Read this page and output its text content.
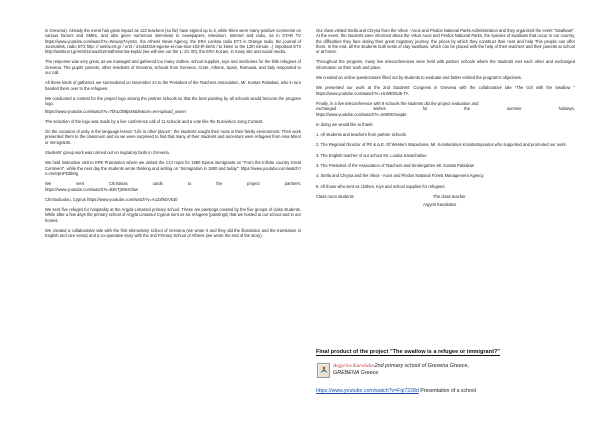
in Grevena). Already the event has great impact as 122 teachers (so far) have signed up to it, while there were many positive comments on various factors and SMEs, and also given numerous interviews to newspapers, television, Internet and radio, as in STAR TV https://www.youtube.com/watch?v=Wooep7Ayn8A, the Athens News Agency, the ERA Larissa radio ET3 in Orange radio, the journal of Journalists, radio ET3 http: // webtv.ert.gr / ert3 / 24okt2016-ega-ke-ei-mai-ston-102-th-tiert3 / to listen to the 12th minute ..) important ET3 http://webtv.ert.gr/ert3/11nea2016-kathimerina-kepla/ (we will see our the 1: 23: 00), the ERA Kozani, in many site and social media.

The response was very great, as we managed and gathered too many clothes, school supplies, toys and medicines for the little refugees of Grevena. The pupils' parents, other residents of Grevena, schools from Grevena, Crete, Athens, Spain, Romania, and Italy responded to our call.

All these kinds of gathered, we surrendered on November 24 to the President of the Teachers Association, Mr. Kostas Palaskas, who in turn handed them over to the refugees.

We conducted a contest for the project logo among the partner schools so that the best painting by all schools would become the program logo.

https://www.youtube.com/watch?v=7bhLO8Bjs46&feature=em-upload_owner

The selection of the logo was made by a live conference call of 11 schools and a vote like the Eurovision Song Contest.

On the occasion of unity in the language lesson "Life in other places", the students sought their roots in their family environment. Their work presented them to the classroom and so we were surprised to find that many of their students and ancestors were refugees from Asia Minor or immigrants.

Students' group work was carried out on migratory birds in Grevena.

We held instructive visit to KPE Pramanton where we visited the CCI repot for 1980 Epirus immigrants on "From the Infinite country Great Continent", while the next day the students wrote thinking and writing on "Immigration in 1900 and today": https://www.youtube.com/watch?v=HxOpHPDbb0g

We	sent	Christmas	cards	to	the	project	partners:
https://www.youtube.com/watch?v=82KTjSNHObw

Christodoulou, Cyprus https://www.youtube.com/watch?v=Au2xfMzVk30

We sent five refuges for hospitality at the Argyla Limassol primary school. These are paintings created by the five groups of class students. While after a few days the primary school of Argyla Limassol Cyprus sent us six refugees (paintings) that we hosted at our school and in our homes.

We created a collaborative tale with the first elementary school of Grevena (we wrote it and they did the illustration and the translation in English and vice versa) and a co-operative story with the 2nd Primary School of Athens (we wrote the end of the story).

Our class visited Stella and Chrysa from the Vikos - Aoos and Pindos National Parks Administration and they organized the event "Swallows". At the event, the students were informed about the Vikos Aoos and Pindos National Parks, the species of swallows that occur in our country, the difficulties they face during their great migratory journey, the prices by which they construct their nest and help This people can offer them. In the end, all the students built nests of clay swallows, which can be placed with the help of their teachers and their parents at school or at home.

Throughout the program, many live teleconferences were held with partner schools where the students met each other and exchanged information on their work and place.

We created an online questionnaire filled out by students to evaluate and better embed the program's objectives.

We presented our work at the 2nd Students' Congress in Grevena with the collaborative tale "The Girl with the Swallow " https://www.youtube.com/watch?v=HcWED5J5-TA

Finally, in a live teleconference with 8 schools the students did the project evaluation and
exchanged	wishes	for	the	summer	holidays.
https://www.youtube.com/watch?v=mWDESwqde

In doing we would like to thank:

1. All students and teachers from partner schools.

2. The Regional Director of PE & Δ.E. Of Western Macedonia, Mr. Konstantinos Konstantopoulos who supported and promoted our work.

3. The English teacher of our school Mr. Loukia Kanachaliou

3. The President of the Association of Teachers and Kindergarten Mr. Kostas Palaskas

4. Stella and Chrysa and the Vikos - Aoos and Pindos National Forest Management Agency.

5. All those who sent us clothes, toys and school supplies for refugees.

Class room students	The class teacher
Argyris Karalioltos
Final product of the project "The swallow is a refugee or immigrant?"
Argyrios Karalidos2nd primary school of Grevena Greece,
GREBENA Greece
https://www.youtube.com/watch?v=Fqi7228d Presentation of a school
